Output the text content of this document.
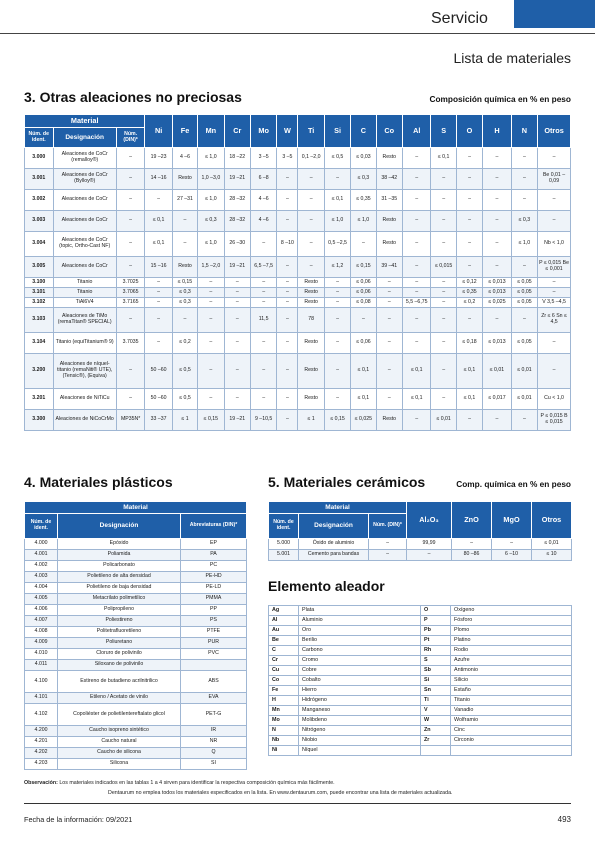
Servicio
Lista de materiales
3. Otras aleaciones no preciosas	Composición química en % en peso
Material			Ni	Fe	Mn	Cr	Mo	W	Ti	Si	C	Co	Al	S	O	H	N	Otros
Núm. de ident.	Designación	Núm. (DIN)*																
3.000	Aleaciones de CoCr (remalloy®)	–	19 –23	4 –6	≤ 1,0	18 –22	3 –5	3 –5	0,1 –2,0	≤ 0,5	≤ 0,03	Resto	–	≤ 0,1	–	–	–	–
3.001	Aleaciones de CoCr (Bylloy®)	–	14 –16	Resto	1,0 –3,0	19 –21	6 –8	–	–	–	≤ 0,3	38 –42	–	–	–	–	–	Be 0,01 –0,09
3.002	Aleaciones de CoCr	–	–	27 –31	≤ 1,0	28 –32	4 –6	–	–	≤ 0,1	≤ 0,35	31 –35	–	–	–	–	–	–
3.003	Aleaciones de CoCr	–	≤ 0,1	–	≤ 0,3	28 –32	4 –6	–	–	≤ 1,0	≤ 1,0	Resto	–	–	–	–	≤ 0,3	–
3.004	Aleaciones de CoCr (topic, Ortho-Cast NF)	–	≤ 0,1	–	≤ 1,0	26 –30	–	8 –10	–	0,5 –2,5	–	Resto	–	–	–	–	≤ 1,0	Nb < 1,0
3.005	Aleaciones de CoCr	–	15 –16	Resto	1,5 –2,0	19 –21	6,5 –7,5	–	–	≤ 1,2	≤ 0,15	39 –41	–	≤ 0,015	–	–	–	P ≤ 0,015 Be ≤ 0,001
3.100	Titanio	3.7025	–	≤ 0,15	–	–	–	–	Resto	–	≤ 0,06	–	–	–	≤ 0,12	≤ 0,013	≤ 0,05	–
3.101	Titanio	3.7065	–	≤ 0,3	–	–	–	–	Resto	–	≤ 0,06	–	–	–	≤ 0,35	≤ 0,013	≤ 0,05	–
3.102	TiAl6V4	3.7165	–	≤ 0,3	–	–	–	–	Resto	–	≤ 0,08	–	5,5 –6,75	–	≤ 0,2	≤ 0,025	≤ 0,05	V 3,5 –4,5
3.103	Aleaciones de TiMo (remaTitan® SPECIAL)	–	–	–	–	–	11,5	–	78	–	–	–	–	–	–	–	–	Zr ≤ 6 Sn ≤ 4,5
3.104	Titanio (equiTitanium® 9)	3.7035	–	≤ 0,2	–	–	–	–	Resto	–	≤ 0,06	–	–	–	≤ 0,18	≤ 0,013	≤ 0,05	–
3.200	Aleaciones de níquel-titanio (remaNiti® UTE), (Tensic®), (Equiva)	–	50 –60	≤ 0,5	–	–	–	–	Resto	–	≤ 0,1	–	≤ 0,1	–	≤ 0,1	≤ 0,01	≤ 0,01	–
3.201	Aleaciones de NiTiCu	–	50 –60	≤ 0,5	–	–	–	–	Resto	–	≤ 0,1	–	≤ 0,1	–	≤ 0,1	≤ 0,017	≤ 0,01	Cu < 1,0
3.300	Aleaciones de NiCoCrMo	MP35N*	33 –37	≤ 1	≤ 0,15	19 –21	9 –10,5	–	≤ 1	≤ 0,15	≤ 0,025	Resto	–	≤ 0,01	–	–	–	P ≤ 0,015 B ≤ 0,015
4. Materiales plásticos
Material		
Núm. de ident.	Designación	Abreviaturas (DIN)*
4.000	Epóxido	EP
4.001	Poliamida	PA
4.002	Policarbonato	PC
4.003	Polietileno de alta densidad	PE-HD
4.004	Polietileno de baja densidad	PE-LD
4.005	Metacrilato polimetilico	PMMA
4.006	Polipropileno	PP
4.007	Poliestireno	PS
4.008	Politetrafluoretileno	PTFE
4.009	Poliuretano	PUR
4.010	Cloruro de polivinilo	PVC
4.011	Siloxano de polivinilo	
4.100	Estireno de butadieno acrilnitrilico	ABS
4.101	Etileno / Acetato de vinilo	EVA
4.102	Copoliéster de polietilentereftalato glicol	PET-G
4.200	Caucho isopreno sintético	IR
4.201	Caucho natural	NR
4.202	Caucho de silicona	Q
4.203	Silicona	SI
5. Materiales cerámicos	Comp. química en % en peso
Material			Al₂O₃	ZnO	MgO	Otros
Núm. de ident.	Designación	Núm. (DIN)*				
5.000	Óxido de aluminio	–	99,99	–	–	≤ 0,01
5.001	Cemento para bandas	–	–	80 –86	6 –10	≤ 10
Elemento aleador
Ag	Plata	O	Oxígeno
Al	Aluminio	P	Fósforo
Au	Oro	Pb	Plomo
Be	Berilio	Pt	Platino
C	Carbono	Rh	Rodio
Cr	Cromo	S	Azufre
Cu	Cobre	Sb	Antimonio
Co	Cobalto	Si	Silicio
Fe	Hierro	Sn	Estaño
H	Hidrógeno	Ti	Titanio
Mn	Manganeso	V	Vanadio
Mo	Molibdeno	W	Wolframio
N	Nitrógeno	Zn	Cinc
Nb	Niobio	Zr	Circonio
Ni	Níquel		
Observación: Los materiales indicados en las tablas 1 a 4 sirven para identificar la respectiva composición química más fácilmente.
Dentaurum no emplea todos los materiales especificados en la lista. En www.dentaurum.com, puede encontrar una lista de materiales actualizada.
Fecha de la información: 09/2021	493
